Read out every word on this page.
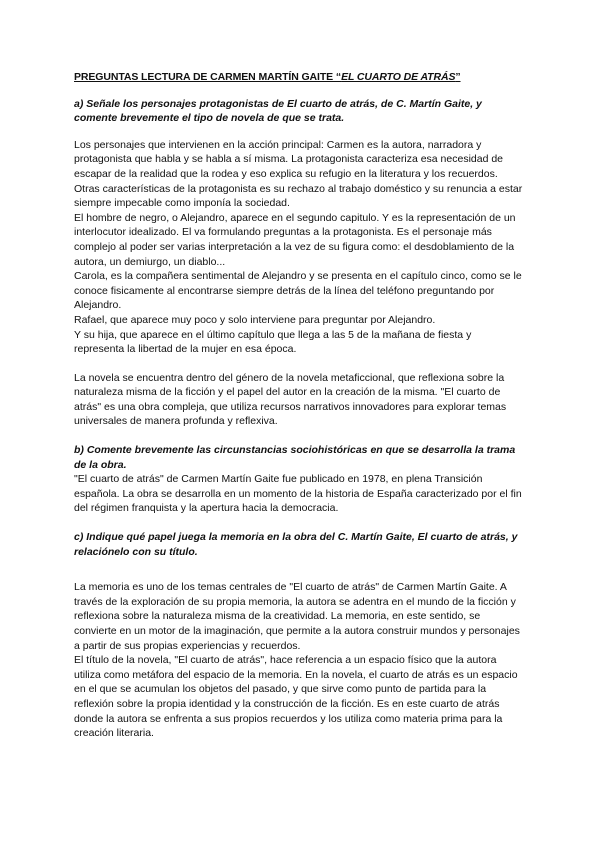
PREGUNTAS LECTURA DE CARMEN MARTÍN GAITE “EL CUARTO DE ATRÁS”
a) Señale los personajes protagonistas de El cuarto de atrás, de C. Martín Gaite, y comente brevemente el tipo de novela de que se trata.
Los personajes que intervienen en la acción principal: Carmen es la autora, narradora y protagonista que habla y se habla a sí misma. La protagonista caracteriza esa necesidad de escapar de la realidad que la rodea y eso explica su refugio en la literatura y los recuerdos. Otras características de la protagonista es su rechazo al trabajo doméstico y su renuncia a estar siempre impecable como imponía la sociedad.
El hombre de negro, o Alejandro, aparece en el segundo capitulo. Y es la representación de un interlocutor idealizado. El va formulando preguntas a la protagonista. Es el personaje más complejo al poder ser varias interpretación a la vez de su figura como: el desdoblamiento de la autora, un demiurgo, un diablo...
Carola, es la compañera sentimental de Alejandro y se presenta en el capítulo cinco, como se le conoce fisicamente al encontrarse siempre detrás de la línea del teléfono preguntando por Alejandro.
Rafael, que aparece muy poco y solo interviene para preguntar por Alejandro.
Y su hija, que aparece en el último capítulo que llega a las 5 de la mañana de fiesta y representa la libertad de la mujer en esa época.
La novela se encuentra dentro del género de la novela metaficcional, que reflexiona sobre la naturaleza misma de la ficción y el papel del autor en la creación de la misma. "El cuarto de atrás" es una obra compleja, que utiliza recursos narrativos innovadores para explorar temas universales de manera profunda y reflexiva.
b) Comente brevemente las circunstancias sociohistóricas en que se desarrolla la trama de la obra.
"El cuarto de atrás" de Carmen Martín Gaite fue publicado en 1978, en plena Transición española. La obra se desarrolla en un momento de la historia de España caracterizado por el fin del régimen franquista y la apertura hacia la democracia.
c) Indique qué papel juega la memoria en la obra del C. Martín Gaite, El cuarto de atrás, y relaciónelo con su título.
La memoria es uno de los temas centrales de "El cuarto de atrás" de Carmen Martín Gaite. A través de la exploración de su propia memoria, la autora se adentra en el mundo de la ficción y reflexiona sobre la naturaleza misma de la creatividad. La memoria, en este sentido, se convierte en un motor de la imaginación, que permite a la autora construir mundos y personajes a partir de sus propias experiencias y recuerdos.
El título de la novela, "El cuarto de atrás", hace referencia a un espacio físico que la autora utiliza como metáfora del espacio de la memoria. En la novela, el cuarto de atrás es un espacio en el que se acumulan los objetos del pasado, y que sirve como punto de partida para la reflexión sobre la propia identidad y la construcción de la ficción. Es en este cuarto de atrás donde la autora se enfrenta a sus propios recuerdos y los utiliza como materia prima para la creación literaria.
